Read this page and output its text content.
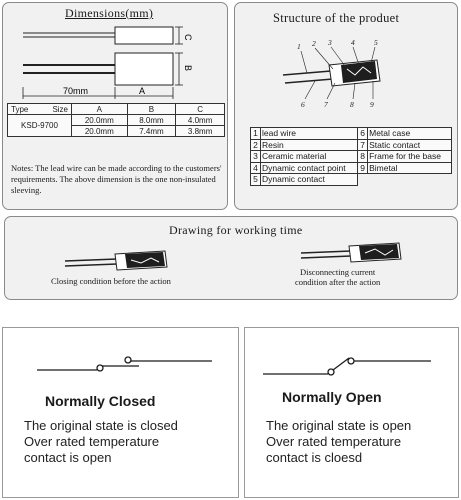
Dimensions(mm)
C
B
70mm	A
Type Size	A	B	C
KSD-9700	20.0mm	8.0mm	4.0mm
	20.0mm	7.4mm	3.8mm
Notes: The lead wire can be made according to the customers' requirements. The above dimension is the one non-insulated sleeving.
Structure of the produet
1 2 3	4	5
6	7	8 9
1	lead wire	6	Metal case
2	Resin	7	Static contact
3	Ceramic material	8	Frame for the base
4	Dynamic contact point	9	Bimetal
5	Dynamic contact		
Drawing for working time
Closing condition before the action
Disconnecting current
condition after the action
Normally Closed
The original state is closed
Over rated temperature
contact is open
Normally Open
The original state is open
Over rated temperature
contact is cloesd
